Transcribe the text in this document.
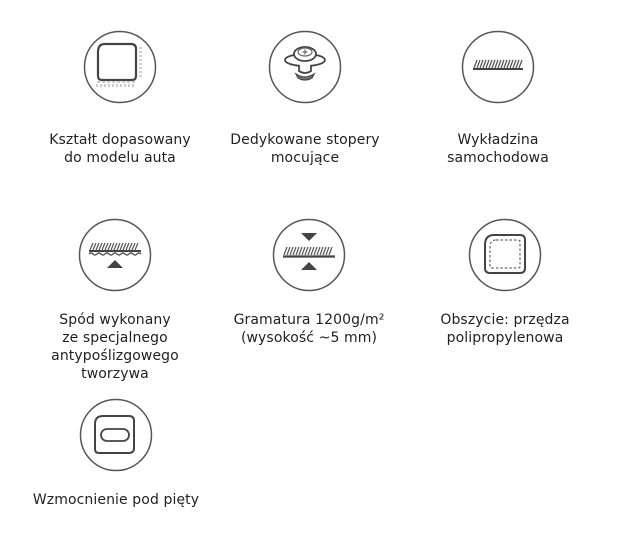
Kształt dopasowany
do modelu auta
Dedykowane stopery
mocujące
Wykładzina
samochodowa
Spód wykonany
ze specjalnego
antypoślizgowego
tworzywa
Gramatura 1200g/m²
(wysokość ~5 mm)
Obszycie: przędza
polipropylenowa
Wzmocnienie pod pięty
